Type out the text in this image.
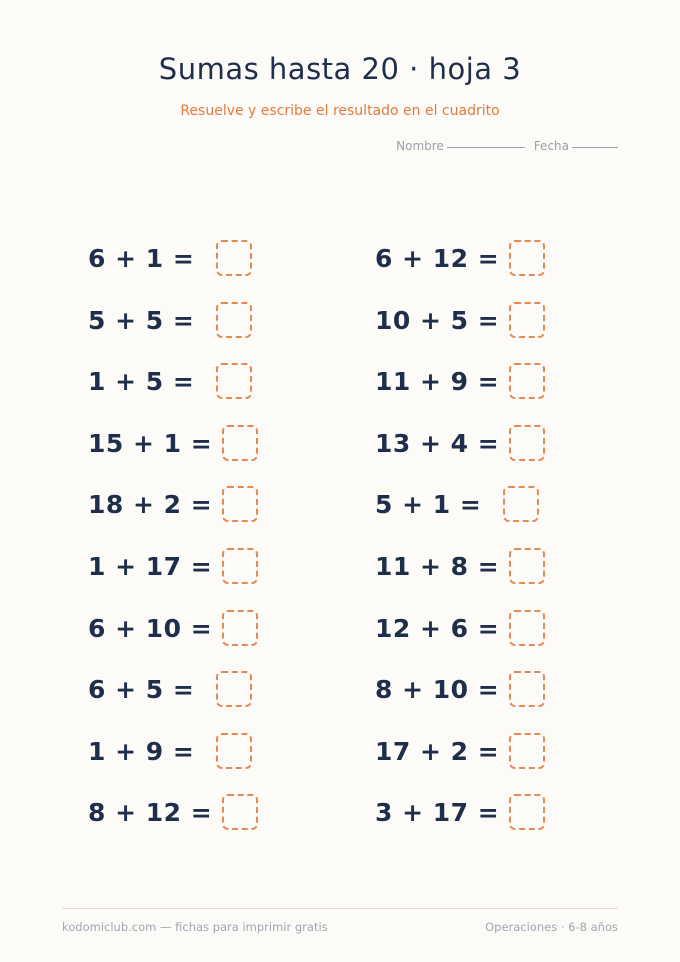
Sumas hasta 20 · hoja 3
Resuelve y escribe el resultado en el cuadrito
Nombre	Fecha
6 + 1 =
5 + 5 =
1 + 5 =
15 + 1 =
18 + 2 =
1 + 17 =
6 + 10 =
6 + 5 =
1 + 9 =
8 + 12 =
6 + 12 =
10 + 5 =
11 + 9 =
13 + 4 =
5 + 1 =
11 + 8 =
12 + 6 =
8 + 10 =
17 + 2 =
3 + 17 =
kodomiclub.com — fichas para imprimir gratis	Operaciones · 6-8 años
